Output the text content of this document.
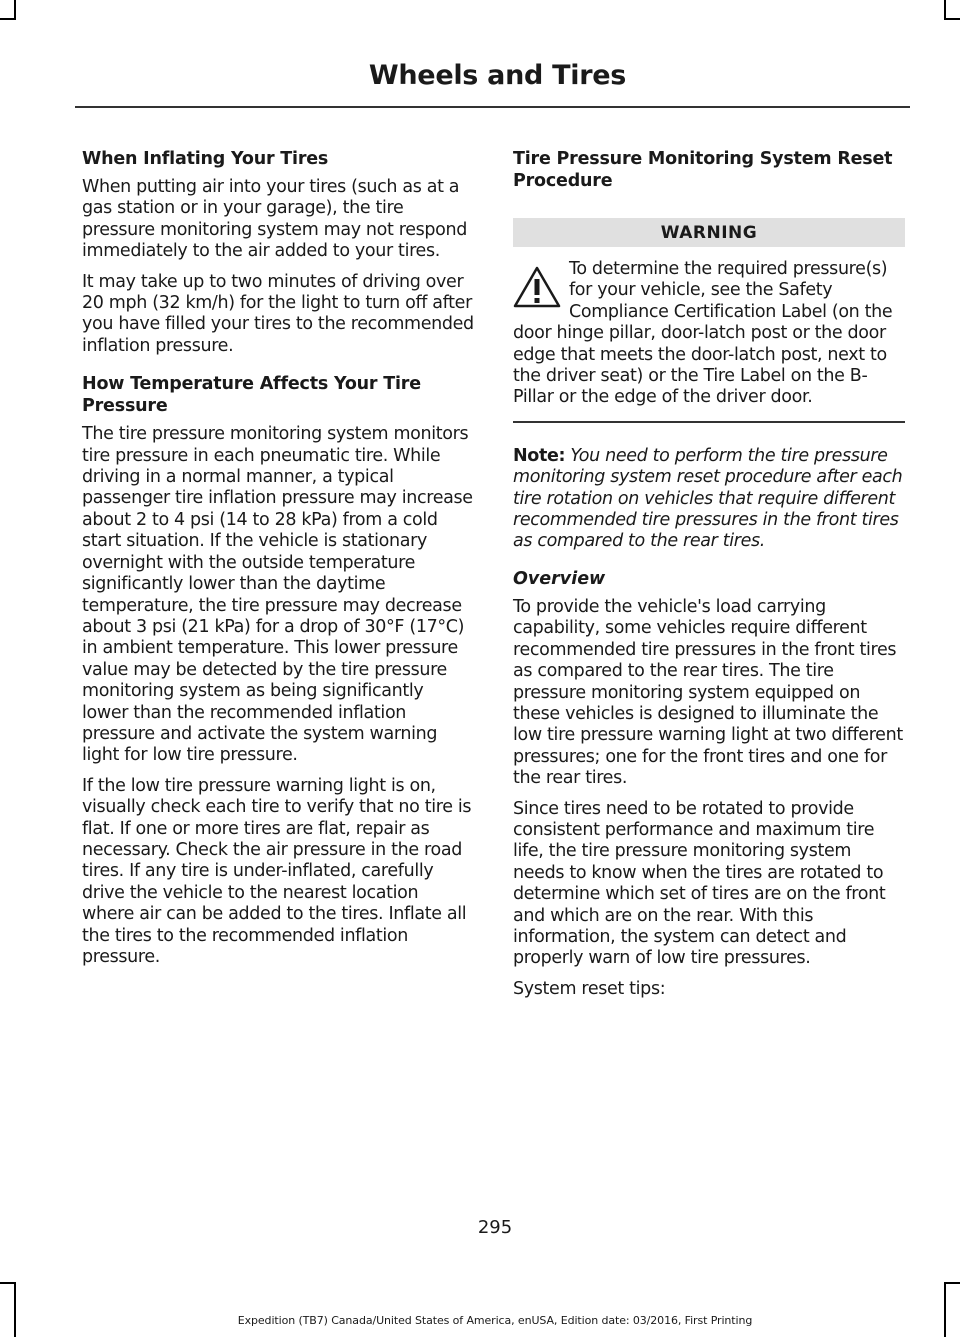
Wheels and Tires
When Inflating Your Tires

When putting air into your tires (such as at a gas station or in your garage), the tire pressure monitoring system may not respond immediately to the air added to your tires.

It may take up to two minutes of driving over 20 mph (32 km/h) for the light to turn off after you have filled your tires to the recommended inflation pressure.

How Temperature Affects Your Tire Pressure

The tire pressure monitoring system monitors tire pressure in each pneumatic tire. While driving in a normal manner, a typical passenger tire inflation pressure may increase about 2 to 4 psi (14 to 28 kPa) from a cold start situation. If the vehicle is stationary overnight with the outside temperature significantly lower than the daytime temperature, the tire pressure may decrease about 3 psi (21 kPa) for a drop of 30°F (17°C) in ambient temperature. This lower pressure value may be detected by the tire pressure monitoring system as being significantly lower than the recommended inflation pressure and activate the system warning light for low tire pressure.

If the low tire pressure warning light is on, visually check each tire to verify that no tire is flat. If one or more tires are flat, repair as necessary. Check the air pressure in the road tires. If any tire is under-inflated, carefully drive the vehicle to the nearest location where air can be added to the tires. Inflate all the tires to the recommended inflation pressure.

Tire Pressure Monitoring System Reset Procedure
WARNING
To determine the required pressure(s) for your vehicle, see the Safety Compliance Certification Label (on the door hinge pillar, door-latch post or the door edge that meets the door-latch post, next to the driver seat) or the Tire Label on the B-Pillar or the edge of the driver door.

Note: You need to perform the tire pressure monitoring system reset procedure after each tire rotation on vehicles that require different recommended tire pressures in the front tires as compared to the rear tires.

Overview

To provide the vehicle's load carrying capability, some vehicles require different recommended tire pressures in the front tires as compared to the rear tires. The tire pressure monitoring system equipped on these vehicles is designed to illuminate the low tire pressure warning light at two different pressures; one for the front tires and one for the rear tires.

Since tires need to be rotated to provide consistent performance and maximum tire life, the tire pressure monitoring system needs to know when the tires are rotated to determine which set of tires are on the front and which are on the rear. With this information, the system can detect and properly warn of low tire pressures.

System reset tips:

295
Expedition (TB7) Canada/United States of America, enUSA, Edition date: 03/2016, First Printing
